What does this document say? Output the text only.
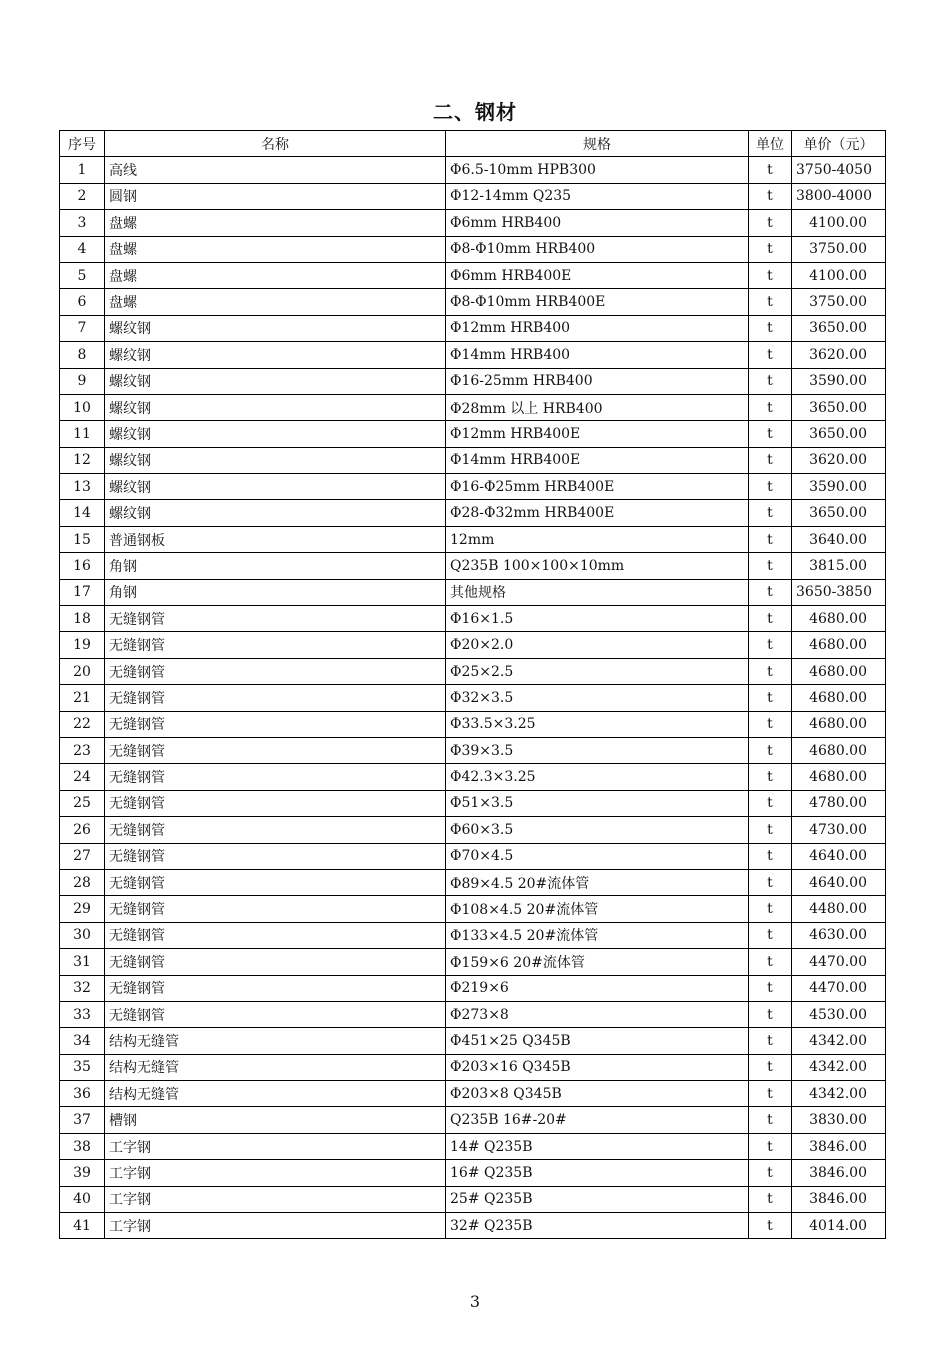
二、钢材
序号	名称	规格	单位	单价（元）
1	高线	Φ6.5-10mm HPB300	t	3750-4050
2	圆钢	Φ12-14mm Q235	t	3800-4000
3	盘螺	Φ6mm HRB400	t	4100.00
4	盘螺	Φ8-Φ10mm HRB400	t	3750.00
5	盘螺	Φ6mm HRB400E	t	4100.00
6	盘螺	Φ8-Φ10mm HRB400E	t	3750.00
7	螺纹钢	Φ12mm HRB400	t	3650.00
8	螺纹钢	Φ14mm HRB400	t	3620.00
9	螺纹钢	Φ16-25mm HRB400	t	3590.00
10	螺纹钢	Φ28mm 以上 HRB400	t	3650.00
11	螺纹钢	Φ12mm HRB400E	t	3650.00
12	螺纹钢	Φ14mm HRB400E	t	3620.00
13	螺纹钢	Φ16-Φ25mm HRB400E	t	3590.00
14	螺纹钢	Φ28-Φ32mm HRB400E	t	3650.00
15	普通钢板	12mm	t	3640.00
16	角钢	Q235B 100×100×10mm	t	3815.00
17	角钢	其他规格	t	3650-3850
18	无缝钢管	Φ16×1.5	t	4680.00
19	无缝钢管	Φ20×2.0	t	4680.00
20	无缝钢管	Φ25×2.5	t	4680.00
21	无缝钢管	Φ32×3.5	t	4680.00
22	无缝钢管	Φ33.5×3.25	t	4680.00
23	无缝钢管	Φ39×3.5	t	4680.00
24	无缝钢管	Φ42.3×3.25	t	4680.00
25	无缝钢管	Φ51×3.5	t	4780.00
26	无缝钢管	Φ60×3.5	t	4730.00
27	无缝钢管	Φ70×4.5	t	4640.00
28	无缝钢管	Φ89×4.5 20#流体管	t	4640.00
29	无缝钢管	Φ108×4.5 20#流体管	t	4480.00
30	无缝钢管	Φ133×4.5 20#流体管	t	4630.00
31	无缝钢管	Φ159×6 20#流体管	t	4470.00
32	无缝钢管	Φ219×6	t	4470.00
33	无缝钢管	Φ273×8	t	4530.00
34	结构无缝管	Φ451×25 Q345B	t	4342.00
35	结构无缝管	Φ203×16 Q345B	t	4342.00
36	结构无缝管	Φ203×8 Q345B	t	4342.00
37	槽钢	Q235B 16#-20#	t	3830.00
38	工字钢	14# Q235B	t	3846.00
39	工字钢	16# Q235B	t	3846.00
40	工字钢	25# Q235B	t	3846.00
41	工字钢	32# Q235B	t	4014.00
3
